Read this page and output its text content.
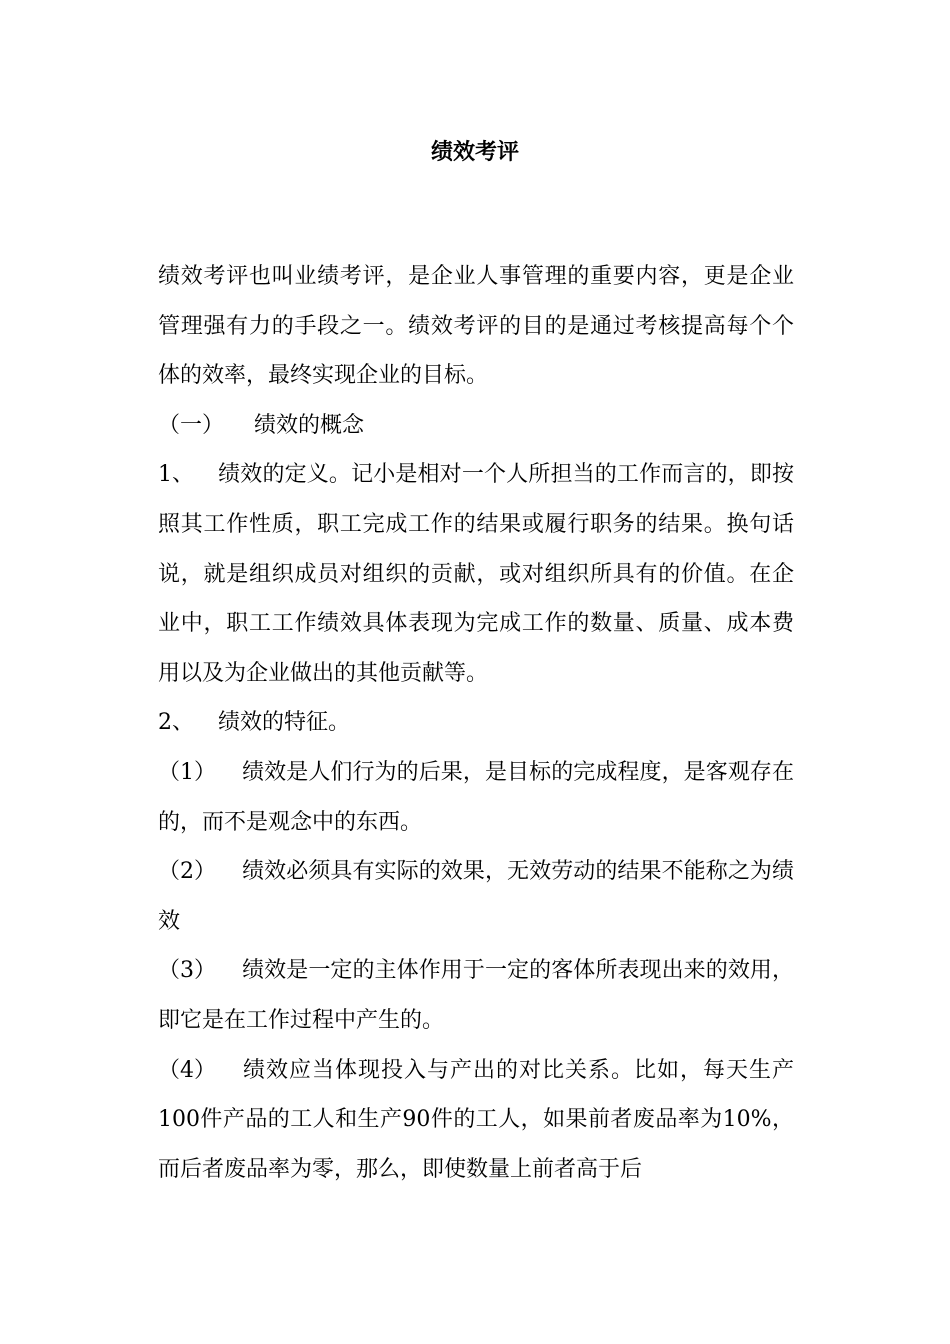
绩效考评

绩效考评也叫业绩考评，是企业人事管理的重要内容，更是企业管理强有力的手段之一。绩效考评的目的是通过考核提高每个个体的效率，最终实现企业的目标。

（一） 绩效的概念

1、 绩效的定义。记小是相对一个人所担当的工作而言的，即按照其工作性质，职工完成工作的结果或履行职务的结果。换句话说，就是组织成员对组织的贡献，或对组织所具有的价值。在企业中，职工工作绩效具体表现为完成工作的数量、质量、成本费用以及为企业做出的其他贡献等。

2、 绩效的特征。

（1） 绩效是人们行为的后果，是目标的完成程度，是客观存在的，而不是观念中的东西。

（2） 绩效必须具有实际的效果，无效劳动的结果不能称之为绩效

（3） 绩效是一定的主体作用于一定的客体所表现出来的效用，即它是在工作过程中产生的。

（4） 绩效应当体现投入与产出的对比关系。比如，每天生产100件产品的工人和生产90件的工人，如果前者废品率为10%，而后者废品率为零，那么，即使数量上前者高于后
